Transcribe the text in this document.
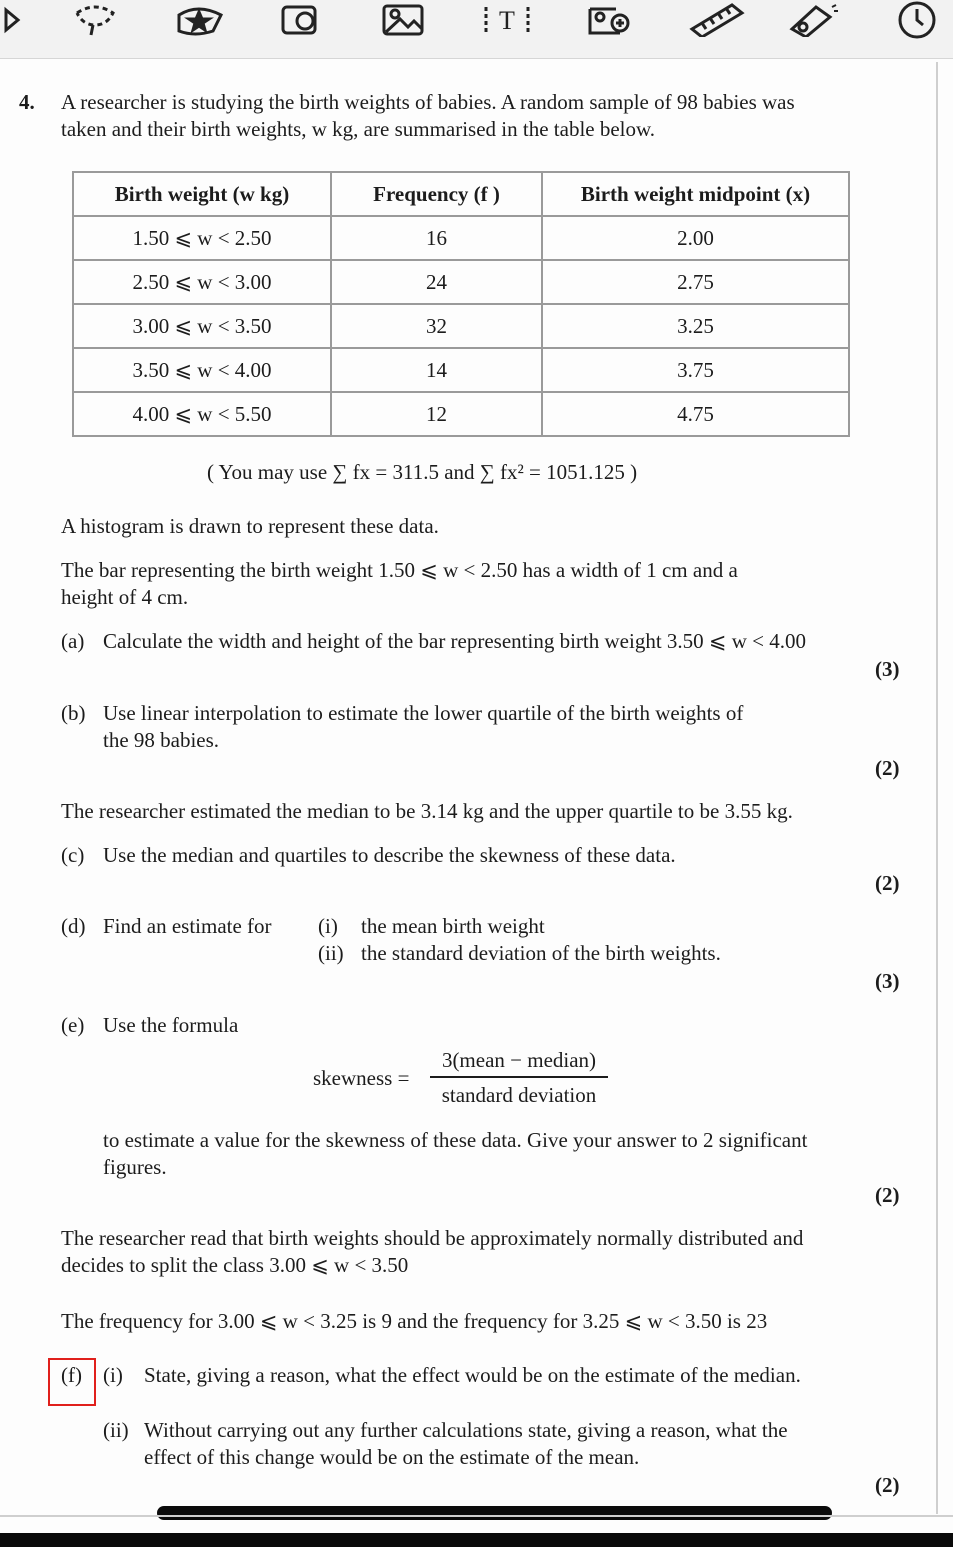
T
4. A researcher is studying the birth weights of babies. A random sample of 98 babies was
taken and their birth weights, w kg, are summarised in the table below.
Birth weight (w kg)	Frequency (f )	Birth weight midpoint (x)
1.50 ⩽ w < 2.50	16	2.00
2.50 ⩽ w < 3.00	24	2.75
3.00 ⩽ w < 3.50	32	3.25
3.50 ⩽ w < 4.00	14	3.75
4.00 ⩽ w < 5.50	12	4.75
( You may use ∑ fx = 311.5 and ∑ fx² = 1051.125 )
A histogram is drawn to represent these data.
The bar representing the birth weight 1.50 ⩽ w < 2.50 has a width of 1 cm and a
height of 4 cm.
(a) Calculate the width and height of the bar representing birth weight 3.50 ⩽ w < 4.00
(3)
(b) Use linear interpolation to estimate the lower quartile of the birth weights of
the 98 babies.
(2)
The researcher estimated the median to be 3.14 kg and the upper quartile to be 3.55 kg.
(c) Use the median and quartiles to describe the skewness of these data.
(2)
(d) Find an estimate for (i) the mean birth weight
(ii) the standard deviation of the birth weights.
(3)
(e) Use the formula
skewness =
3(mean − median)
standard deviation
to estimate a value for the skewness of these data. Give your answer to 2 significant
figures.
(2)
The researcher read that birth weights should be approximately normally distributed and
decides to split the class 3.00 ⩽ w < 3.50
The frequency for 3.00 ⩽ w < 3.25 is 9 and the frequency for 3.25 ⩽ w < 3.50 is 23
(f) (i) State, giving a reason, what the effect would be on the estimate of the median.
(ii) Without carrying out any further calculations state, giving a reason, what the
effect of this change would be on the estimate of the mean.
(2)
